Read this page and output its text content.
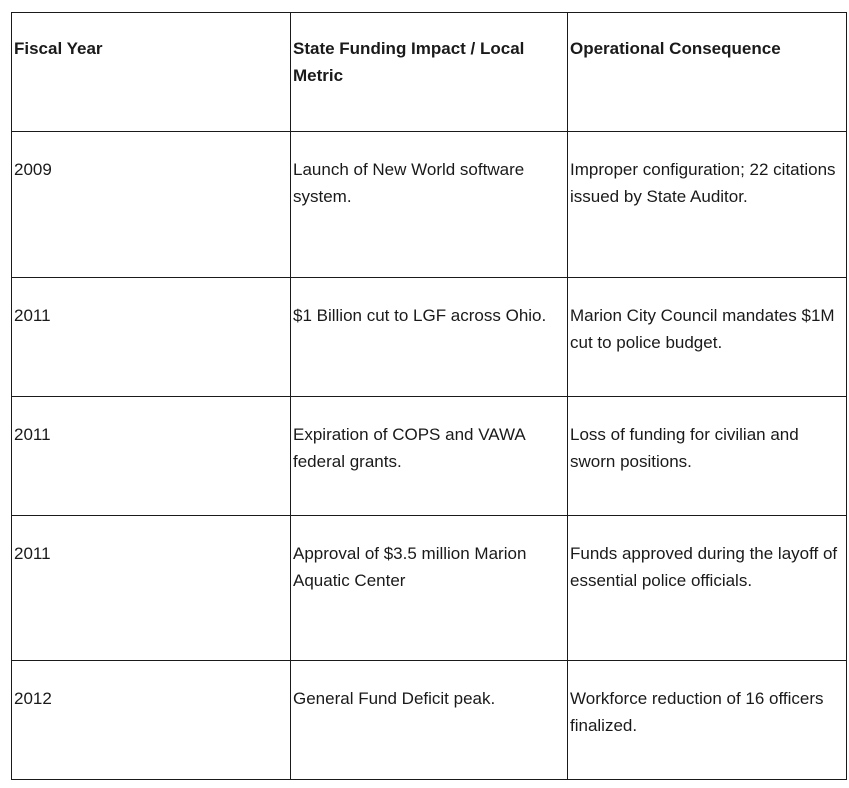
Fiscal Year	State Funding Impact / Local Metric	Operational Consequence
2009	Launch of New World software system.	Improper configuration; 22 citations issued by State Auditor.
2011	$1 Billion cut to LGF across Ohio.	Marion City Council mandates $1M cut to police budget.
2011	Expiration of COPS and VAWA federal grants.	Loss of funding for civilian and sworn positions.
2011	Approval of $3.5 million Marion Aquatic Center	Funds approved during the layoff of essential police officials.
2012	General Fund Deficit peak.	Workforce reduction of 16 officers finalized.
